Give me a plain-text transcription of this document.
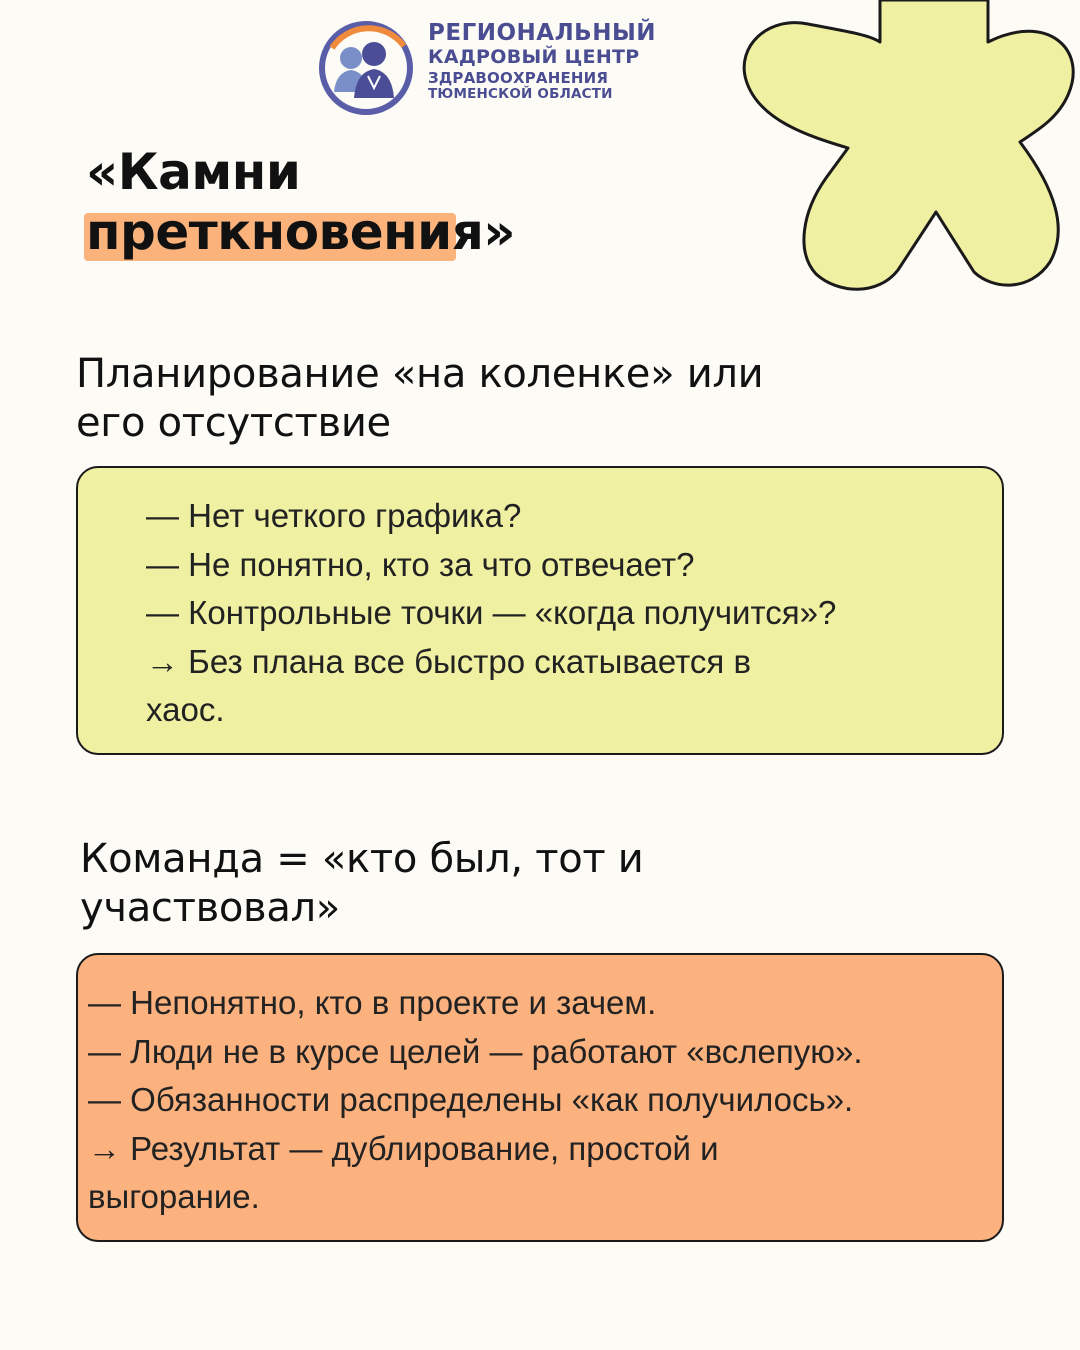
РЕГИОНАЛЬНЫЙ
КАДРОВЫЙ ЦЕНТР
ЗДРАВООХРАНЕНИЯ
ТЮМЕНСКОЙ ОБЛАСТИ
«Камни
преткновения»
Планирование «на коленке» или
его отсутствие

— Нет четкого графика?

— Не понятно, кто за что отвечает?

— Контрольные точки — «когда получится»?

→ Без плана все быстро скатывается в

хаос.

Команда = «кто был, тот и
участвовал»

— Непонятно, кто в проекте и зачем.

— Люди не в курсе целей — работают «вслепую».

— Обязанности распределены «как получилось».

→ Результат — дублирование, простой и

выгорание.
